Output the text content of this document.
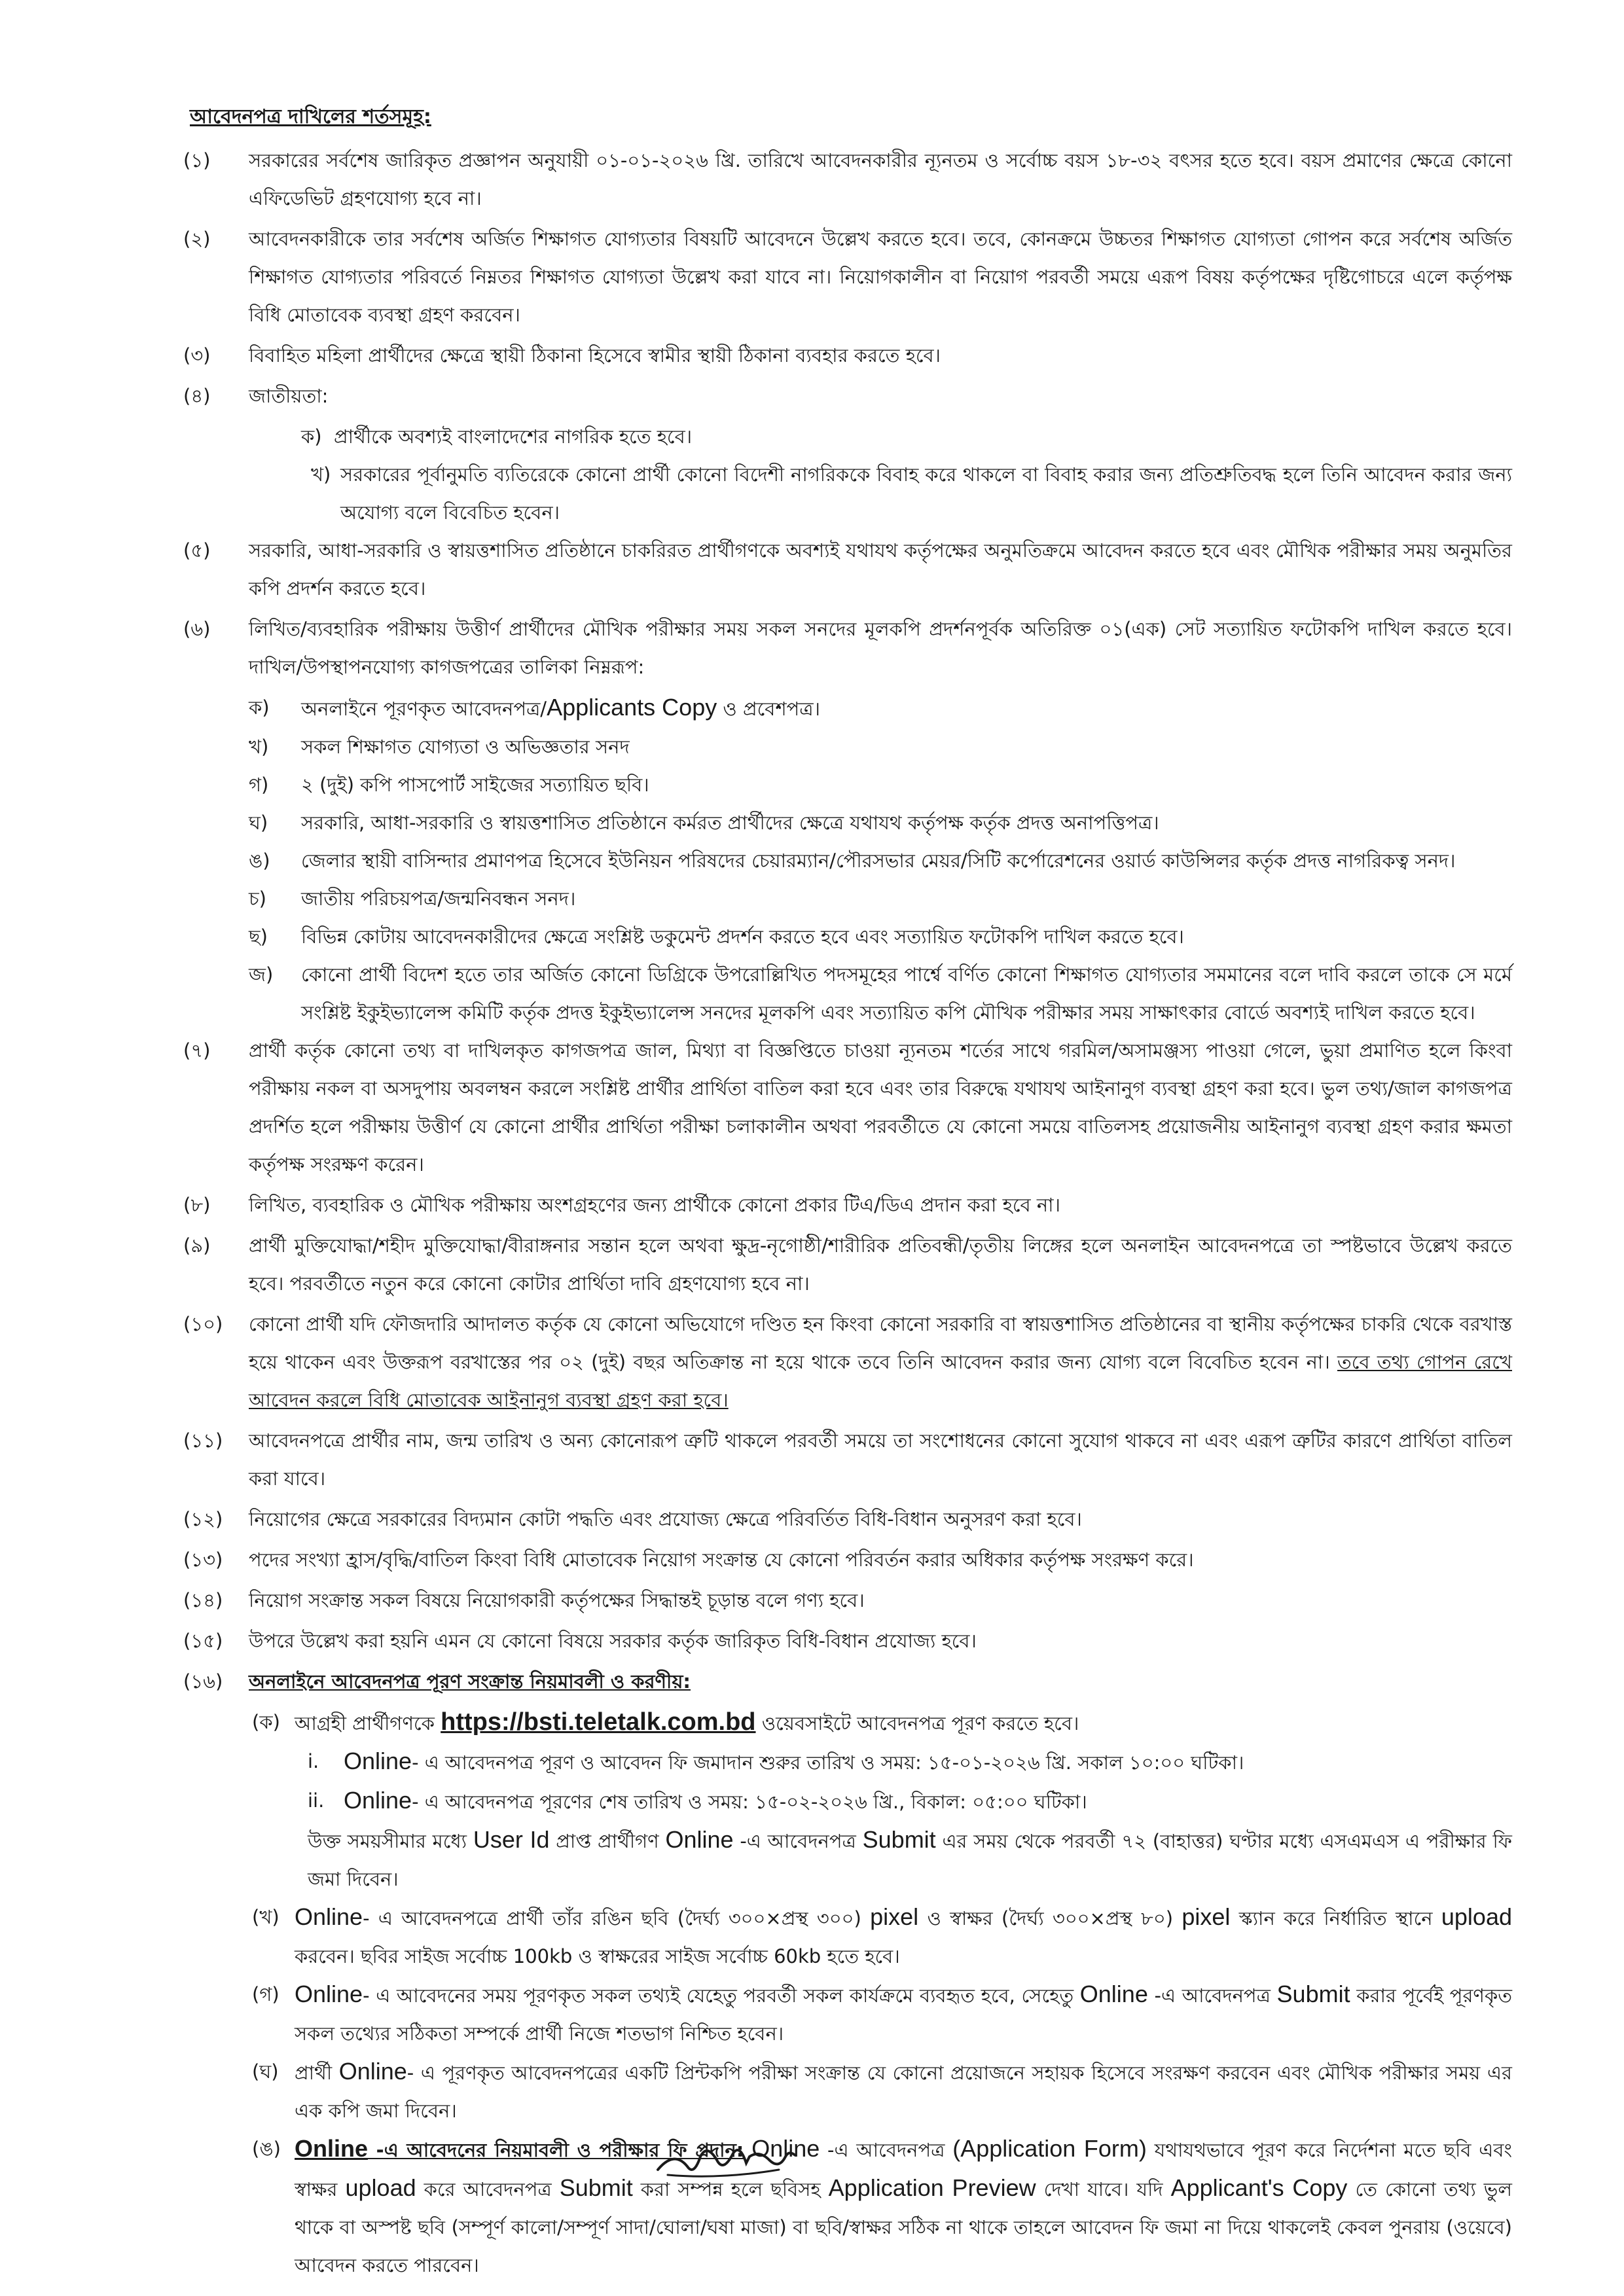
আবেদনপত্র দাখিলের শর্তসমূহ:
(১)	সরকারের সর্বশেষ জারিকৃত প্রজ্ঞাপন অনুযায়ী ০১-০১-২০২৬ খ্রি. তারিখে আবেদনকারীর ন্যূনতম ও সর্বোচ্চ বয়স ১৮-৩২ বৎসর হতে হবে। বয়স প্রমাণের ক্ষেত্রে কোনো এফিডেভিট গ্রহণযোগ্য হবে না।
(২)	আবেদনকারীকে তার সর্বশেষ অর্জিত শিক্ষাগত যোগ্যতার বিষয়টি আবেদনে উল্লেখ করতে হবে। তবে, কোনক্রমে উচ্চতর শিক্ষাগত যোগ্যতা গোপন করে সর্বশেষ অর্জিত শিক্ষাগত যোগ্যতার পরিবর্তে নিম্নতর শিক্ষাগত যোগ্যতা উল্লেখ করা যাবে না। নিয়োগকালীন বা নিয়োগ পরবর্তী সময়ে এরূপ বিষয় কর্তৃপক্ষের দৃষ্টিগোচরে এলে কর্তৃপক্ষ বিধি মোতাবেক ব্যবস্থা গ্রহণ করবেন।
(৩)	বিবাহিত মহিলা প্রার্থীদের ক্ষেত্রে স্থায়ী ঠিকানা হিসেবে স্বামীর স্থায়ী ঠিকানা ব্যবহার করতে হবে।
(৪)	জাতীয়তা:
ক) প্রার্থীকে অবশ্যই বাংলাদেশের নাগরিক হতে হবে।
খ) সরকারের পূর্বানুমতি ব্যতিরেকে কোনো প্রার্থী কোনো বিদেশী নাগরিককে বিবাহ করে থাকলে বা বিবাহ করার জন্য প্রতিশ্রুতিবদ্ধ হলে তিনি আবেদন করার জন্য অযোগ্য বলে বিবেচিত হবেন।
(৫)	সরকারি, আধা-সরকারি ও স্বায়ত্তশাসিত প্রতিষ্ঠানে চাকরিরত প্রার্থীগণকে অবশ্যই যথাযথ কর্তৃপক্ষের অনুমতিক্রমে আবেদন করতে হবে এবং মৌখিক পরীক্ষার সময় অনুমতির কপি প্রদর্শন করতে হবে।
(৬)	লিখিত/ব্যবহারিক পরীক্ষায় উত্তীর্ণ প্রার্থীদের মৌখিক পরীক্ষার সময় সকল সনদের মূলকপি প্রদর্শনপূর্বক অতিরিক্ত ০১(এক) সেট সত্যায়িত ফটোকপি দাখিল করতে হবে। দাখিল/উপস্থাপনযোগ্য কাগজপত্রের তালিকা নিম্নরূপ:
ক) অনলাইনে পূরণকৃত আবেদনপত্র/Applicants Copy ও প্রবেশপত্র।
খ) সকল শিক্ষাগত যোগ্যতা ও অভিজ্ঞতার সনদ
গ) ২ (দুই) কপি পাসপোর্ট সাইজের সত্যায়িত ছবি।
ঘ) সরকারি, আধা-সরকারি ও স্বায়ত্তশাসিত প্রতিষ্ঠানে কর্মরত প্রার্থীদের ক্ষেত্রে যথাযথ কর্তৃপক্ষ কর্তৃক প্রদত্ত অনাপত্তিপত্র।
ঙ) জেলার স্থায়ী বাসিন্দার প্রমাণপত্র হিসেবে ইউনিয়ন পরিষদের চেয়ারম্যান/পৌরসভার মেয়র/সিটি কর্পোরেশনের ওয়ার্ড কাউন্সিলর কর্তৃক প্রদত্ত নাগরিকত্ব সনদ।
চ) জাতীয় পরিচয়পত্র/জন্মনিবন্ধন সনদ।
ছ) বিভিন্ন কোটায় আবেদনকারীদের ক্ষেত্রে সংশ্লিষ্ট ডকুমেন্ট প্রদর্শন করতে হবে এবং সত্যায়িত ফটোকপি দাখিল করতে হবে।
জ) কোনো প্রার্থী বিদেশ হতে তার অর্জিত কোনো ডিগ্রিকে উপরোল্লিখিত পদসমূহের পার্শ্বে বর্ণিত কোনো শিক্ষাগত যোগ্যতার সমমানের বলে দাবি করলে তাকে সে মর্মে সংশ্লিষ্ট ইকুইভ্যালেন্স কমিটি কর্তৃক প্রদত্ত ইকুইভ্যালেন্স সনদের মূলকপি এবং সত্যায়িত কপি মৌখিক পরীক্ষার সময় সাক্ষাৎকার বোর্ডে অবশ্যই দাখিল করতে হবে।
(৭)	প্রার্থী কর্তৃক কোনো তথ্য বা দাখিলকৃত কাগজপত্র জাল, মিথ্যা বা বিজ্ঞপ্তিতে চাওয়া ন্যূনতম শর্তের সাথে গরমিল/অসামঞ্জস্য পাওয়া গেলে, ভুয়া প্রমাণিত হলে কিংবা পরীক্ষায় নকল বা অসদুপায় অবলম্বন করলে সংশ্লিষ্ট প্রার্থীর প্রার্থিতা বাতিল করা হবে এবং তার বিরুদ্ধে যথাযথ আইনানুগ ব্যবস্থা গ্রহণ করা হবে। ভুল তথ্য/জাল কাগজপত্র প্রদর্শিত হলে পরীক্ষায় উত্তীর্ণ যে কোনো প্রার্থীর প্রার্থিতা পরীক্ষা চলাকালীন অথবা পরবর্তীতে যে কোনো সময়ে বাতিলসহ প্রয়োজনীয় আইনানুগ ব্যবস্থা গ্রহণ করার ক্ষমতা কর্তৃপক্ষ সংরক্ষণ করেন।
(৮)	লিখিত, ব্যবহারিক ও মৌখিক পরীক্ষায় অংশগ্রহণের জন্য প্রার্থীকে কোনো প্রকার টিএ/ডিএ প্রদান করা হবে না।
(৯)	প্রার্থী মুক্তিযোদ্ধা/শহীদ মুক্তিযোদ্ধা/বীরাঙ্গনার সন্তান হলে অথবা ক্ষুদ্র-নৃগোষ্ঠী/শারীরিক প্রতিবন্ধী/তৃতীয় লিঙ্গের হলে অনলাইন আবেদনপত্রে তা স্পষ্টভাবে উল্লেখ করতে হবে। পরবর্তীতে নতুন করে কোনো কোটার প্রার্থিতা দাবি গ্রহণযোগ্য হবে না।
(১০)	কোনো প্রার্থী যদি ফৌজদারি আদালত কর্তৃক যে কোনো অভিযোগে দণ্ডিত হন কিংবা কোনো সরকারি বা স্বায়ত্তশাসিত প্রতিষ্ঠানের বা স্থানীয় কর্তৃপক্ষের চাকরি থেকে বরখাস্ত হয়ে থাকেন এবং উক্তরূপ বরখাস্তের পর ০২ (দুই) বছর অতিক্রান্ত না হয়ে থাকে তবে তিনি আবেদন করার জন্য যোগ্য বলে বিবেচিত হবেন না। তবে তথ্য গোপন রেখে আবেদন করলে বিধি মোতাবেক আইনানুগ ব্যবস্থা গ্রহণ করা হবে।
(১১)	আবেদনপত্রে প্রার্থীর নাম, জন্ম তারিখ ও অন্য কোনোরূপ ত্রুটি থাকলে পরবর্তী সময়ে তা সংশোধনের কোনো সুযোগ থাকবে না এবং এরূপ ত্রুটির কারণে প্রার্থিতা বাতিল করা যাবে।
(১২)	নিয়োগের ক্ষেত্রে সরকারের বিদ্যমান কোটা পদ্ধতি এবং প্রযোজ্য ক্ষেত্রে পরিবর্তিত বিধি-বিধান অনুসরণ করা হবে।
(১৩)	পদের সংখ্যা হ্রাস/বৃদ্ধি/বাতিল কিংবা বিধি মোতাবেক নিয়োগ সংক্রান্ত যে কোনো পরিবর্তন করার অধিকার কর্তৃপক্ষ সংরক্ষণ করে।
(১৪)	নিয়োগ সংক্রান্ত সকল বিষয়ে নিয়োগকারী কর্তৃপক্ষের সিদ্ধান্তই চূড়ান্ত বলে গণ্য হবে।
(১৫)	উপরে উল্লেখ করা হয়নি এমন যে কোনো বিষয়ে সরকার কর্তৃক জারিকৃত বিধি-বিধান প্রযোজ্য হবে।
(১৬)	অনলাইনে আবেদনপত্র পূরণ সংক্রান্ত নিয়মাবলী ও করণীয়:
(ক) আগ্রহী প্রার্থীগণকে https://bsti.teletalk.com.bd ওয়েবসাইটে আবেদনপত্র পূরণ করতে হবে।
i. Online- এ আবেদনপত্র পূরণ ও আবেদন ফি জমাদান শুরুর তারিখ ও সময়: ১৫-০১-২০২৬ খ্রি. সকাল ১০:০০ ঘটিকা।
ii. Online- এ আবেদনপত্র পূরণের শেষ তারিখ ও সময়: ১৫-০২-২০২৬ খ্রি., বিকাল: ০৫:০০ ঘটিকা।
উক্ত সময়সীমার মধ্যে User Id প্রাপ্ত প্রার্থীগণ Online -এ আবেদনপত্র Submit এর সময় থেকে পরবর্তী ৭২ (বাহাত্তর) ঘণ্টার মধ্যে এসএমএস এ পরীক্ষার ফি জমা দিবেন।
(খ) Online- এ আবেদনপত্রে প্রার্থী তাঁর রঙিন ছবি (দৈর্ঘ্য ৩০০×প্রস্থ ৩০০) pixel ও স্বাক্ষর (দৈর্ঘ্য ৩০০×প্রস্থ ৮০) pixel স্ক্যান করে নির্ধারিত স্থানে upload করবেন। ছবির সাইজ সর্বোচ্চ 100kb ও স্বাক্ষরের সাইজ সর্বোচ্চ 60kb হতে হবে।
(গ) Online- এ আবেদনের সময় পূরণকৃত সকল তথ্যই যেহেতু পরবর্তী সকল কার্যক্রমে ব্যবহৃত হবে, সেহেতু Online -এ আবেদনপত্র Submit করার পূর্বেই পূরণকৃত সকল তথ্যের সঠিকতা সম্পর্কে প্রার্থী নিজে শতভাগ নিশ্চিত হবেন।
(ঘ) প্রার্থী Online- এ পূরণকৃত আবেদনপত্রের একটি প্রিন্টকপি পরীক্ষা সংক্রান্ত যে কোনো প্রয়োজনে সহায়ক হিসেবে সংরক্ষণ করবেন এবং মৌখিক পরীক্ষার সময় এর এক কপি জমা দিবেন।
(ঙ) Online -এ আবেদনের নিয়মাবলী ও পরীক্ষার ফি প্রদান: Online -এ আবেদনপত্র (Application Form) যথাযথভাবে পূরণ করে নির্দেশনা মতে ছবি এবং স্বাক্ষর upload করে আবেদনপত্র Submit করা সম্পন্ন হলে ছবিসহ Application Preview দেখা যাবে। যদি Applicant's Copy তে কোনো তথ্য ভুল থাকে বা অস্পষ্ট ছবি (সম্পূর্ণ কালো/সম্পূর্ণ সাদা/ঘোলা/ঘষা মাজা) বা ছবি/স্বাক্ষর সঠিক না থাকে তাহলে আবেদন ফি জমা না দিয়ে থাকলেই কেবল পুনরায় (ওয়েবে) আবেদন করতে পারবেন।
